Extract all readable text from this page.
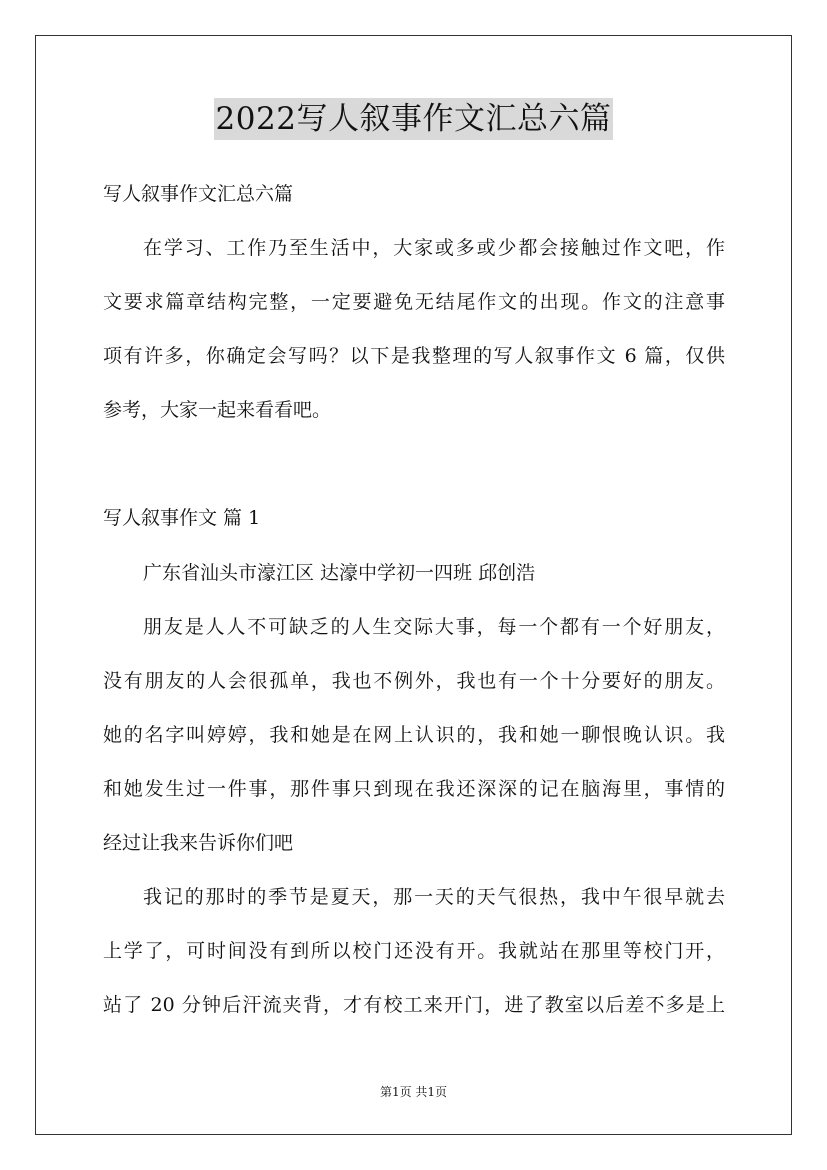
2022写人叙事作文汇总六篇
写人叙事作文汇总六篇
在学习、工作乃至生活中，大家或多或少都会接触过作文吧，作
文要求篇章结构完整，一定要避免无结尾作文的出现。作文的注意事
项有许多，你确定会写吗？以下是我整理的写人叙事作文 6 篇，仅供
参考，大家一起来看看吧。
写人叙事作文 篇 1
广东省汕头市濠江区 达濠中学初一四班 邱创浩
朋友是人人不可缺乏的人生交际大事，每一个都有一个好朋友，
没有朋友的人会很孤单，我也不例外，我也有一个十分要好的朋友。
她的名字叫婷婷，我和她是在网上认识的，我和她一聊恨晚认识。我
和她发生过一件事，那件事只到现在我还深深的记在脑海里，事情的
经过让我来告诉你们吧
我记的那时的季节是夏天，那一天的天气很热，我中午很早就去
上学了，可时间没有到所以校门还没有开。我就站在那里等校门开，
站了 20 分钟后汗流夹背，才有校工来开门，进了教室以后差不多是上
第1页 共1页
